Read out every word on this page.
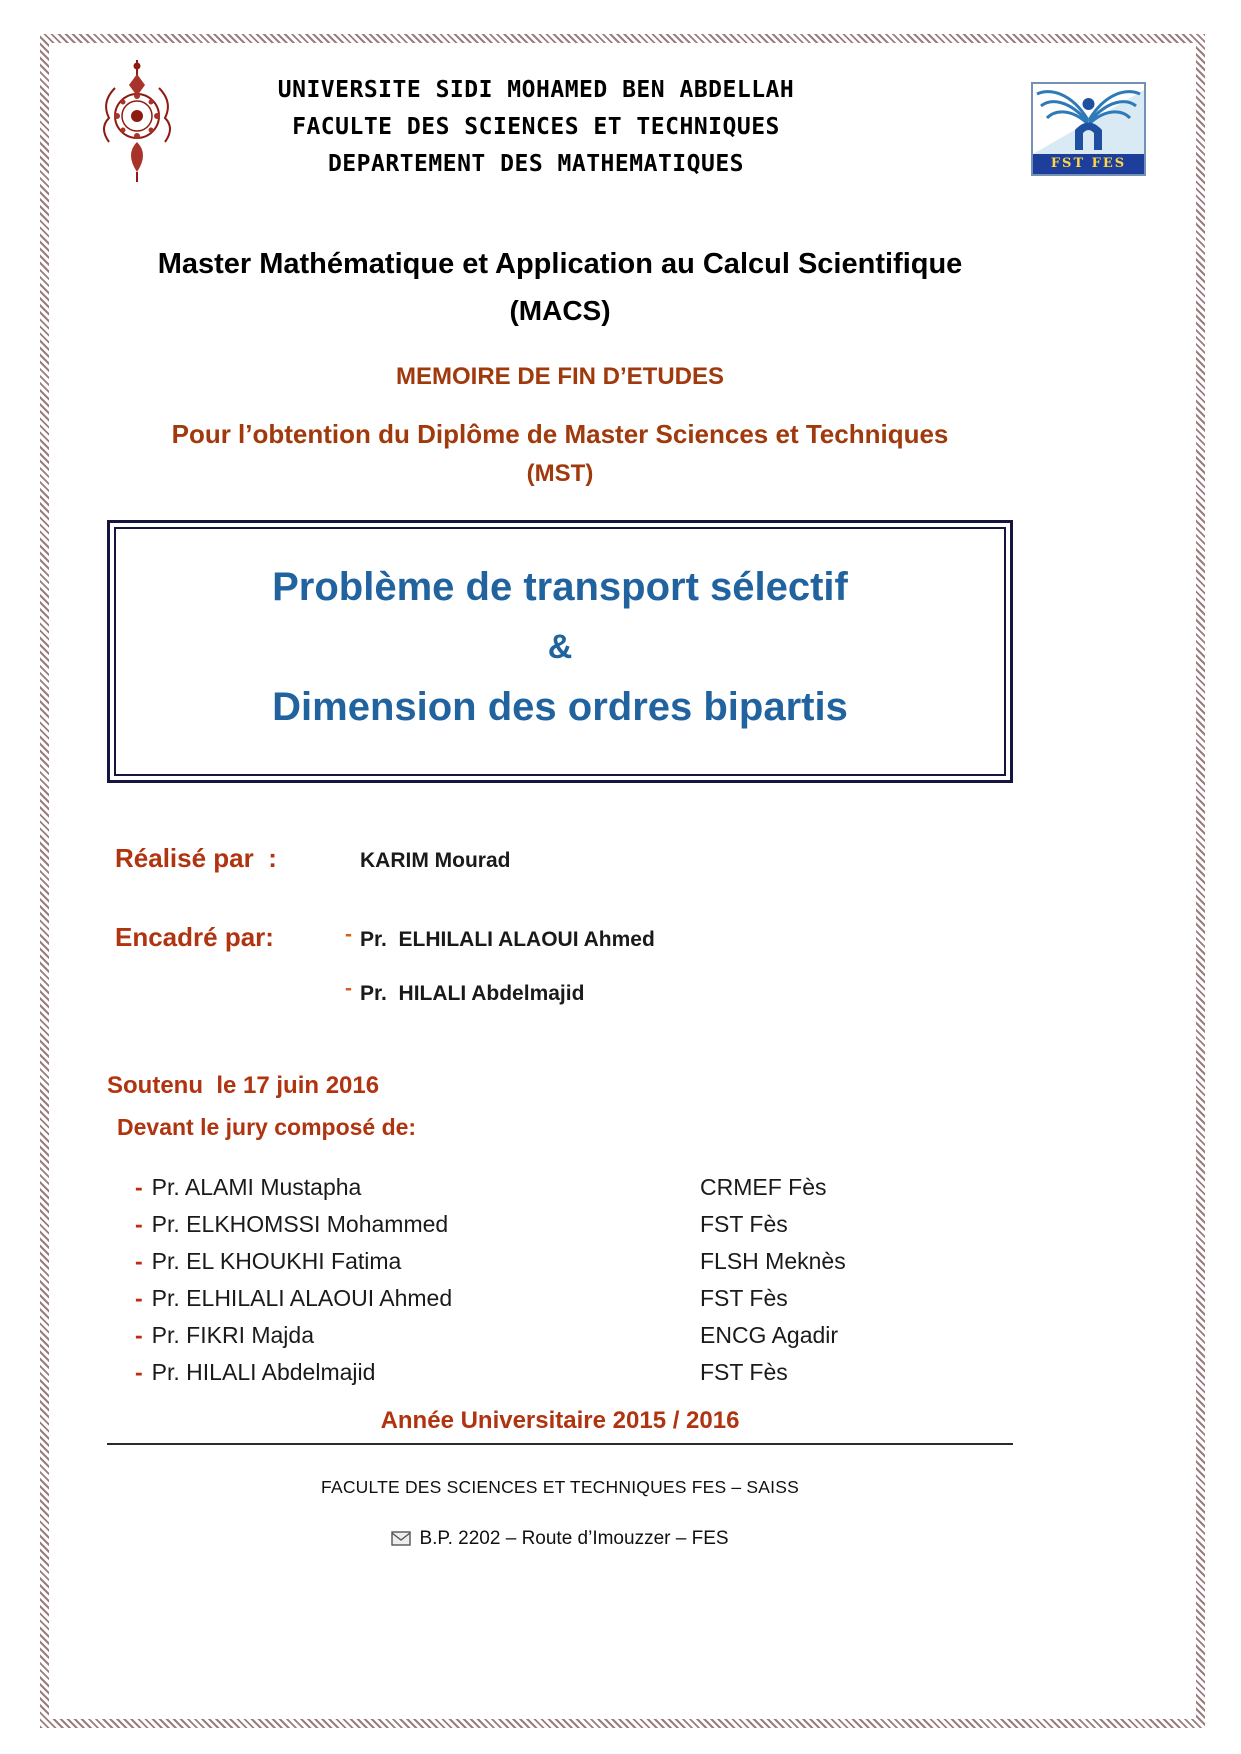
UNIVERSITE SIDI MOHAMED BEN ABDELLAH
FACULTE DES SCIENCES ET TECHNIQUES
DEPARTEMENT DES MATHEMATIQUES	FST FES
Master Mathématique et Application au Calcul Scientifique
(MACS)
MEMOIRE DE FIN D’ETUDES
Pour l’obtention du Diplôme de Master Sciences et Techniques
(MST)
Problème de transport sélectif
&
Dimension des ordres bipartis
Réalisé par  :	KARIM Mourad
Encadré par:	- Pr.  ELHILALI ALAOUI Ahmed
- Pr.  HILALI Abdelmajid
Soutenu  le 17 juin 2016
Devant le jury composé de:
- Pr. ALAMI Mustapha	CRMEF Fès
- Pr. ELKHOMSSI Mohammed	FST Fès
- Pr. EL KHOUKHI Fatima	FLSH Meknès
- Pr. ELHILALI ALAOUI Ahmed	FST Fès
- Pr. FIKRI Majda	ENCG Agadir
- Pr. HILALI Abdelmajid	FST Fès
Année Universitaire 2015 / 2016
FACULTE DES SCIENCES ET TECHNIQUES FES – SAISS
B.P. 2202 – Route d’Imouzzer – FES
